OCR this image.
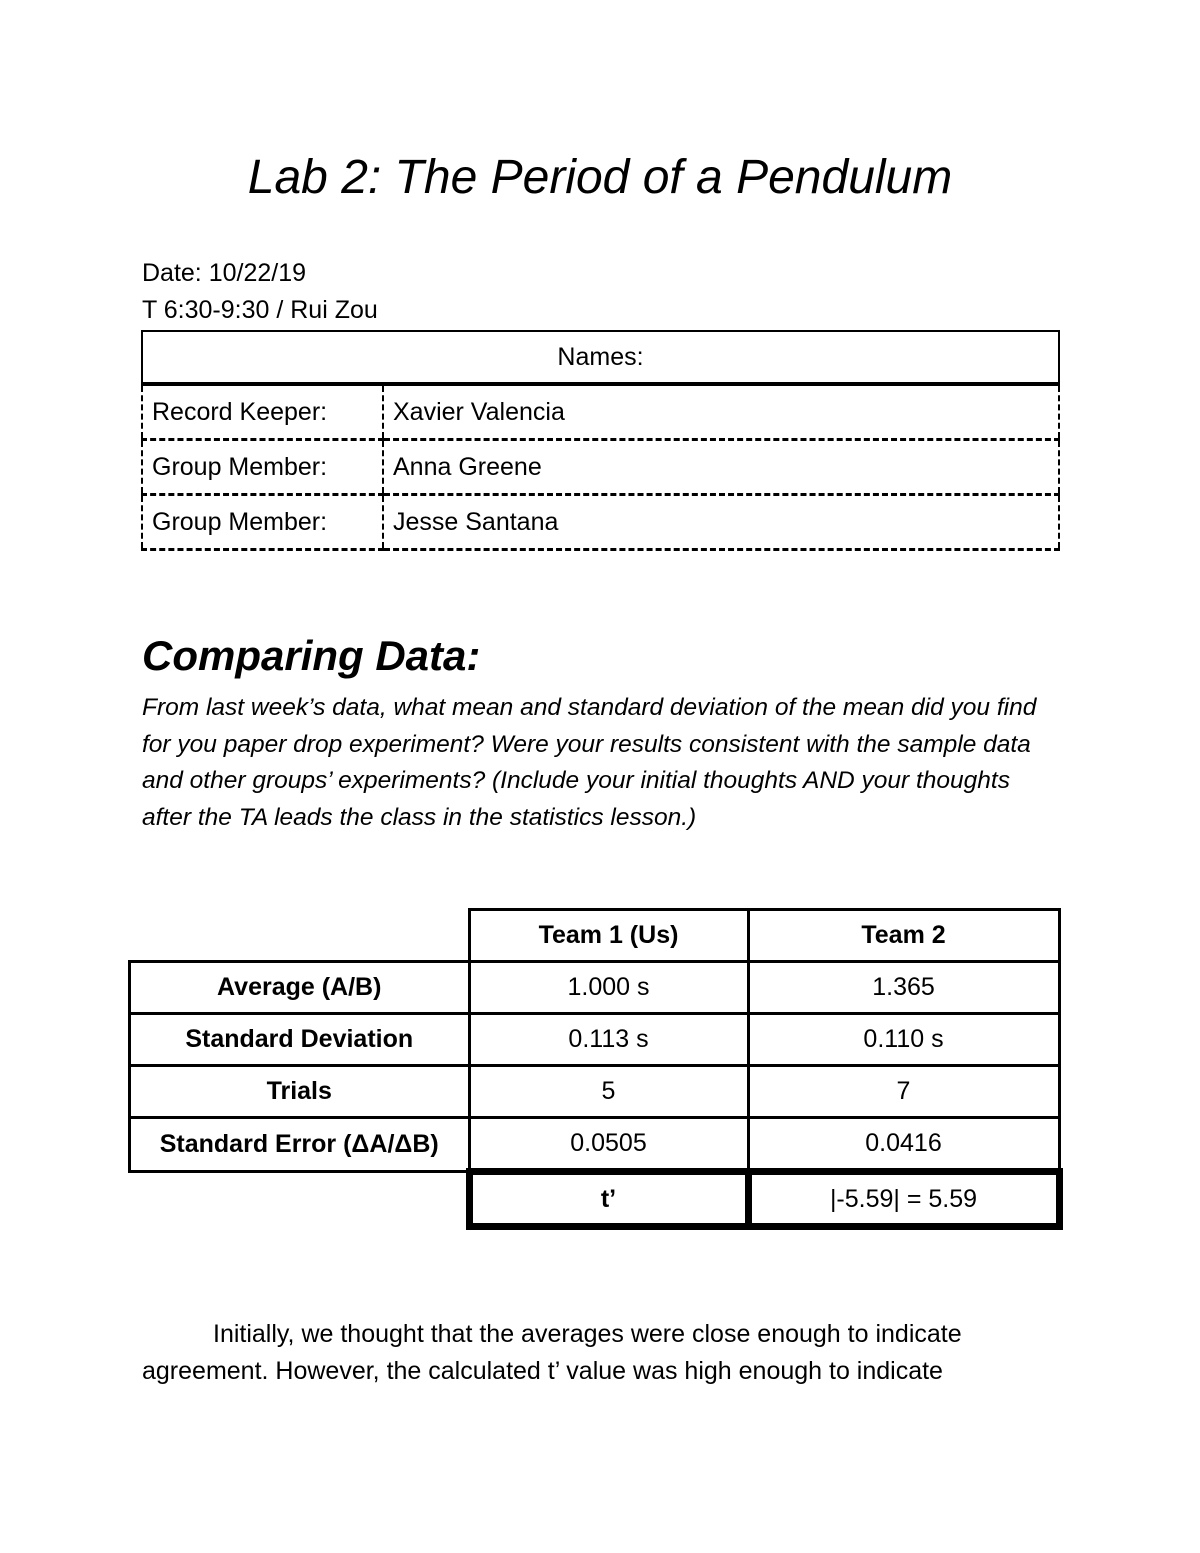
Lab 2: The Period of a Pendulum
Date: 10/22/19
T 6:30-9:30 / Rui Zou
Names:	
Record Keeper:	Xavier Valencia
Group Member:	Anna Greene
Group Member:	Jesse Santana
Comparing Data:
From last week’s data, what mean and standard deviation of the mean did you find for you paper drop experiment? Were your results consistent with the sample data and other groups’ experiments? (Include your initial thoughts AND your thoughts after the TA leads the class in the statistics lesson.)
	Team 1 (Us)	Team 2
Average (A/B)	1.000 s	1.365
Standard Deviation	0.113 s	0.110 s
Trials	5	7
Standard Error (ΔA/ΔB)	0.0505	0.0416
	t’	|-5.59| = 5.59
Initially, we thought that the averages were close enough to indicate agreement. However, the calculated t’ value was high enough to indicate
